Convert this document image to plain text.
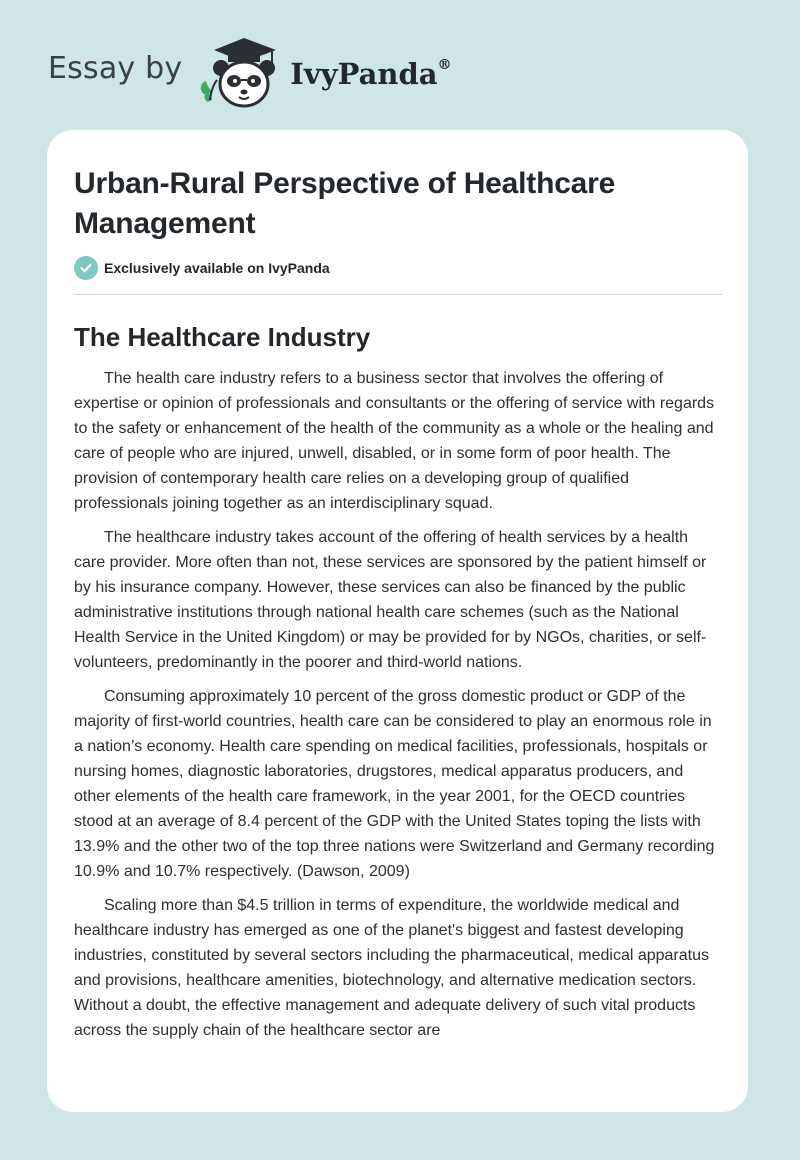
Essay by	IvyPanda®
Urban-Rural Perspective of Healthcare Management
Exclusively available on IvyPanda
The Healthcare Industry

The health care industry refers to a business sector that involves the offering of expertise or opinion of professionals and consultants or the offering of service with regards to the safety or enhancement of the health of the community as a whole or the healing and care of people who are injured, unwell, disabled, or in some form of poor health. The provision of contemporary health care relies on a developing group of qualified professionals joining together as an interdisciplinary squad.

The healthcare industry takes account of the offering of health services by a health care provider. More often than not, these services are sponsored by the patient himself or by his insurance company. However, these services can also be financed by the public administrative institutions through national health care schemes (such as the National Health Service in the United Kingdom) or may be provided for by NGOs, charities, or self-volunteers, predominantly in the poorer and third-world nations.

Consuming approximately 10 percent of the gross domestic product or GDP of the majority of first-world countries, health care can be considered to play an enormous role in a nation’s economy. Health care spending on medical facilities, professionals, hospitals or nursing homes, diagnostic laboratories, drugstores, medical apparatus producers, and other elements of the health care framework, in the year 2001, for the OECD countries stood at an average of 8.4 percent of the GDP with the United States toping the lists with 13.9% and the other two of the top three nations were Switzerland and Germany recording 10.9% and 10.7% respectively. (Dawson, 2009)

Scaling more than $4.5 trillion in terms of expenditure, the worldwide medical and healthcare industry has emerged as one of the planet's biggest and fastest developing industries, constituted by several sectors including the pharmaceutical, medical apparatus and provisions, healthcare amenities, biotechnology, and alternative medication sectors. Without a doubt, the effective management and adequate delivery of such vital products across the supply chain of the healthcare sector are
